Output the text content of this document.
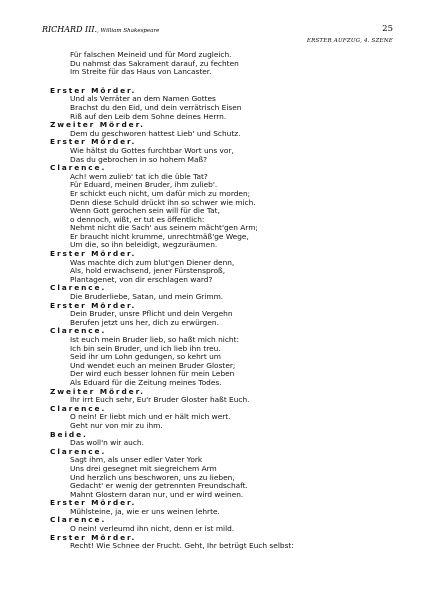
RICHARD III., William Shakespeare	25
ERSTER AUFZUG, 4. SZENE
Für falschen Meineid und für Mord zugleich.
Du nahmst das Sakrament darauf, zu fechten
Im Streite für das Haus von Lancaster.
Erster Mörder.
Und als Verräter an dem Namen Gottes
Brachst du den Eid, und dein verrätrisch Eisen
Riß auf den Leib dem Sohne deines Herrn.
Zweiter Mörder.
Dem du geschworen hattest Lieb' und Schutz.
Erster Mörder.
Wie hältst du Gottes furchtbar Wort uns vor,
Das du gebrochen in so hohem Maß?
Clarence.
Ach! wem zulieb' tat ich die üble Tat?
Für Eduard, meinen Bruder, ihm zulieb'.
Er schickt euch nicht, um dafür mich zu morden;
Denn diese Schuld drückt ihn so schwer wie mich.
Wenn Gott gerochen sein will für die Tat,
o dennoch, wißt, er tut es öffentlich:
Nehmt nicht die Sach' aus seinem mächt'gen Arm;
Er braucht nicht krumme, unrechtmäß'ge Wege,
Um die, so ihn beleidigt, wegzuräumen.
Erster Mörder.
Was machte dich zum blut'gen Diener denn,
Als, hold erwachsend, jener Fürstensproß,
Plantagenet, von dir erschlagen ward?
Clarence.
Die Bruderliebe, Satan, und mein Grimm.
Erster Mörder.
Dein Bruder, unsre Pflicht und dein Vergehn
Berufen jetzt uns her, dich zu erwürgen.
Clarence.
Ist euch mein Bruder lieb, so haßt mich nicht:
Ich bin sein Bruder, und ich lieb ihn treu.
Seid ihr um Lohn gedungen, so kehrt um
Und wendet euch an meinen Bruder Gloster;
Der wird euch besser lohnen für mein Leben
Als Eduard für die Zeitung meines Todes.
Zweiter Mörder.
Ihr irrt Euch sehr, Eu'r Bruder Gloster haßt Euch.
Clarence.
O nein! Er liebt mich und er hält mich wert.
Geht nur von mir zu ihm.
Beide.
Das woll'n wir auch.
Clarence.
Sagt ihm, als unser edler Vater York
Uns drei gesegnet mit siegreichem Arm
Und herzlich uns beschworen, uns zu lieben,
Gedacht' er wenig der getrennten Freundschaft.
Mahnt Glostern daran nur, und er wird weinen.
Erster Mörder.
Mühlsteine, ja, wie er uns weinen lehrte.
Clarence.
O nein! verleumd ihn nicht, denn er ist mild.
Erster Mörder.
Recht! Wie Schnee der Frucht. Geht, Ihr betrügt Euch selbst:
